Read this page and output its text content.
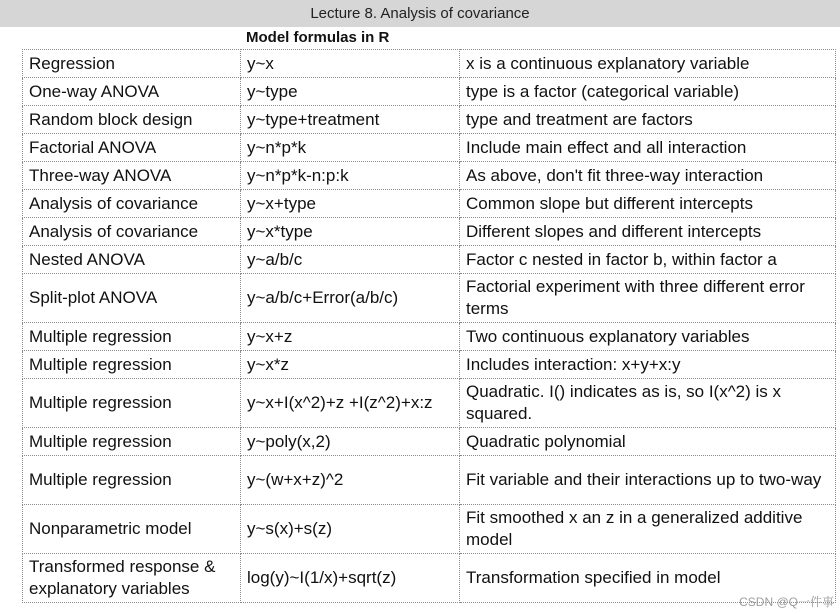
Lecture 8. Analysis of covariance
Model formulas in R
Regression	y~x	x is a continuous explanatory variable
One-way ANOVA	y~type	type is a factor (categorical variable)
Random block design	y~type+treatment	type and treatment are factors
Factorial ANOVA	y~n*p*k	Include main effect and all interaction
Three-way ANOVA	y~n*p*k-n:p:k	As above, don't fit three-way interaction
Analysis of covariance	y~x+type	Common slope but different intercepts
Analysis of covariance	y~x*type	Different slopes and different intercepts
Nested ANOVA	y~a/b/c	Factor c nested in factor b, within factor a
Split-plot ANOVA	y~a/b/c+Error(a/b/c)	Factorial experiment with three different error terms
Multiple regression	y~x+z	Two continuous explanatory variables
Multiple regression	y~x*z	Includes interaction: x+y+x:y
Multiple regression	y~x+I(x^2)+z +I(z^2)+x:z	Quadratic. I() indicates as is, so I(x^2) is x squared.
Multiple regression	y~poly(x,2)	Quadratic polynomial
Multiple regression	y~(w+x+z)^2	Fit variable and their interactions up to two-way
Nonparametric model	y~s(x)+s(z)	Fit smoothed x an z in a generalized additive model
Transformed response & explanatory variables	log(y)~I(1/x)+sqrt(z)	Transformation specified in model
CSDN @Q一件事
